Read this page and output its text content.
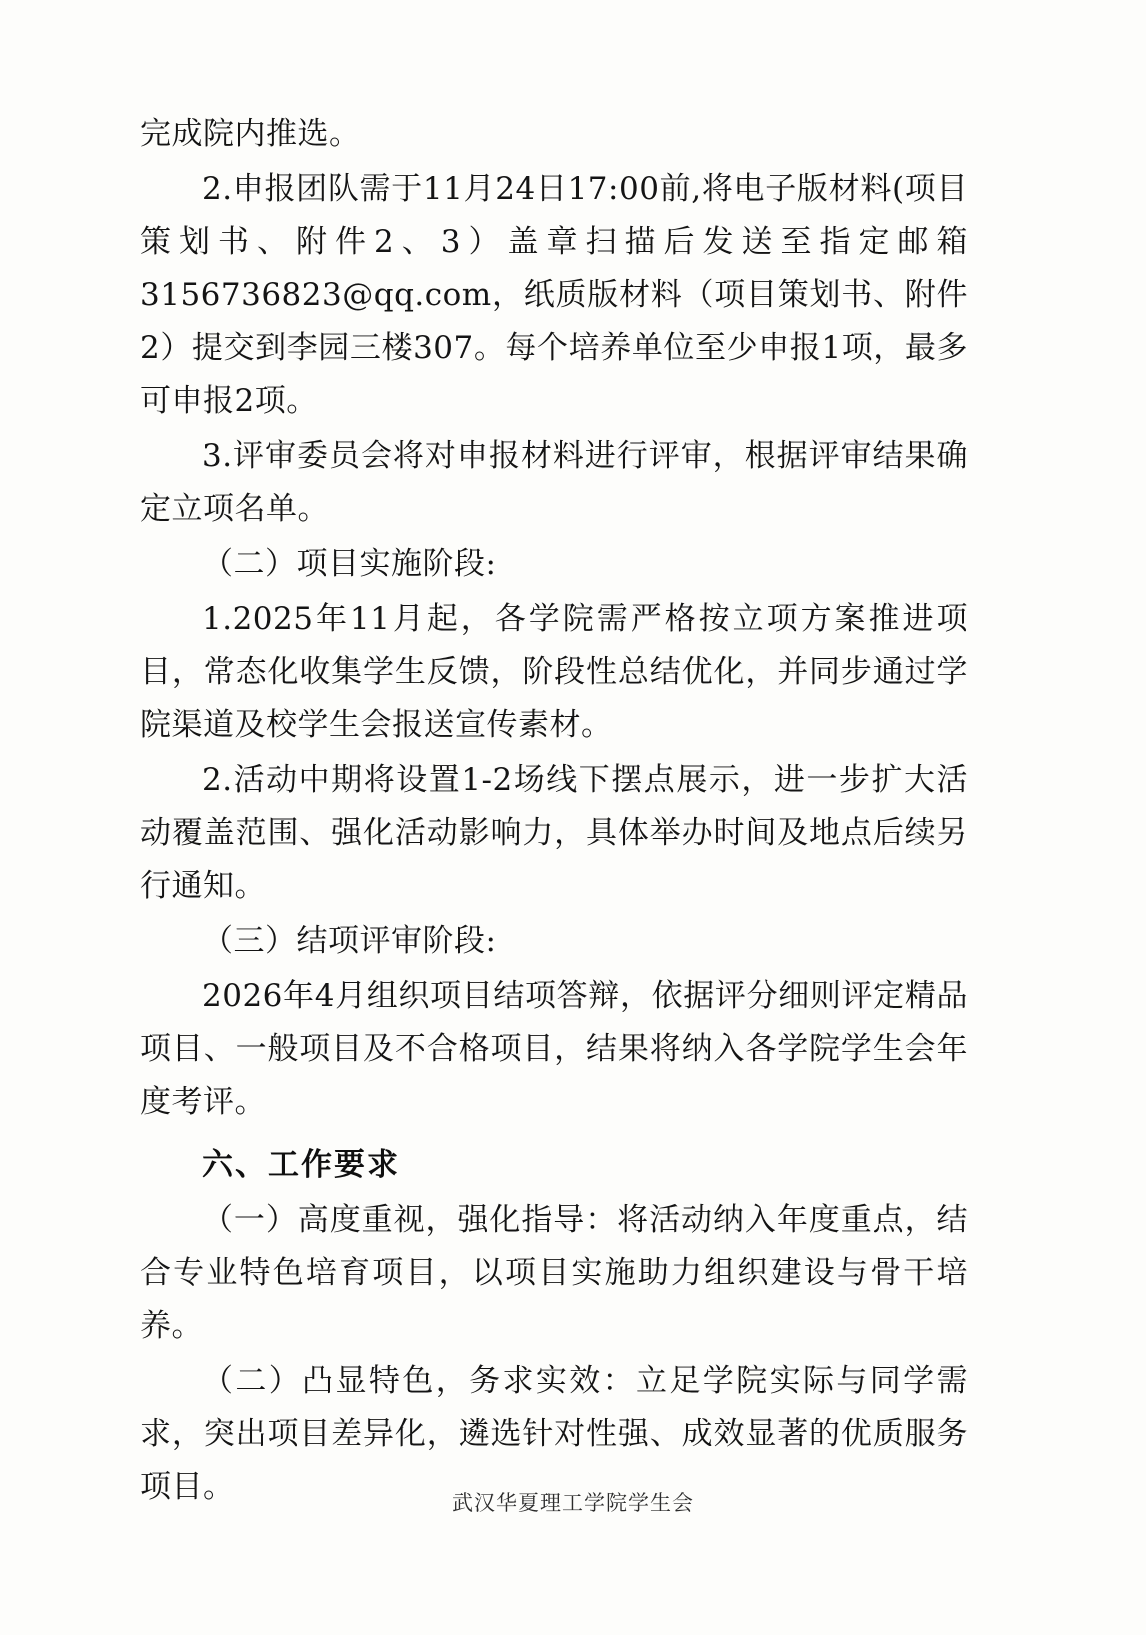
完成院内推选。

2.申报团队需于11月24日17:00前,将电子版材料(项目策划书、附件2、3）盖章扫描后发送至指定邮箱3156736823@qq.com，纸质版材料（项目策划书、附件2）提交到李园三楼307。每个培养单位至少申报1项，最多可申报2项。

3.评审委员会将对申报材料进行评审，根据评审结果确定立项名单。

（二）项目实施阶段:

1.2025年11月起，各学院需严格按立项方案推进项目，常态化收集学生反馈，阶段性总结优化，并同步通过学院渠道及校学生会报送宣传素材。

2.活动中期将设置1-2场线下摆点展示，进一步扩大活动覆盖范围、强化活动影响力，具体举办时间及地点后续另行通知。

（三）结项评审阶段:

2026年4月组织项目结项答辩，依据评分细则评定精品项目、一般项目及不合格项目，结果将纳入各学院学生会年度考评。

六、工作要求

（一）高度重视，强化指导：将活动纳入年度重点，结合专业特色培育项目，以项目实施助力组织建设与骨干培养。

（二）凸显特色，务求实效：立足学院实际与同学需求，突出项目差异化，遴选针对性强、成效显著的优质服务项目。	武汉华夏理工学院学生会
